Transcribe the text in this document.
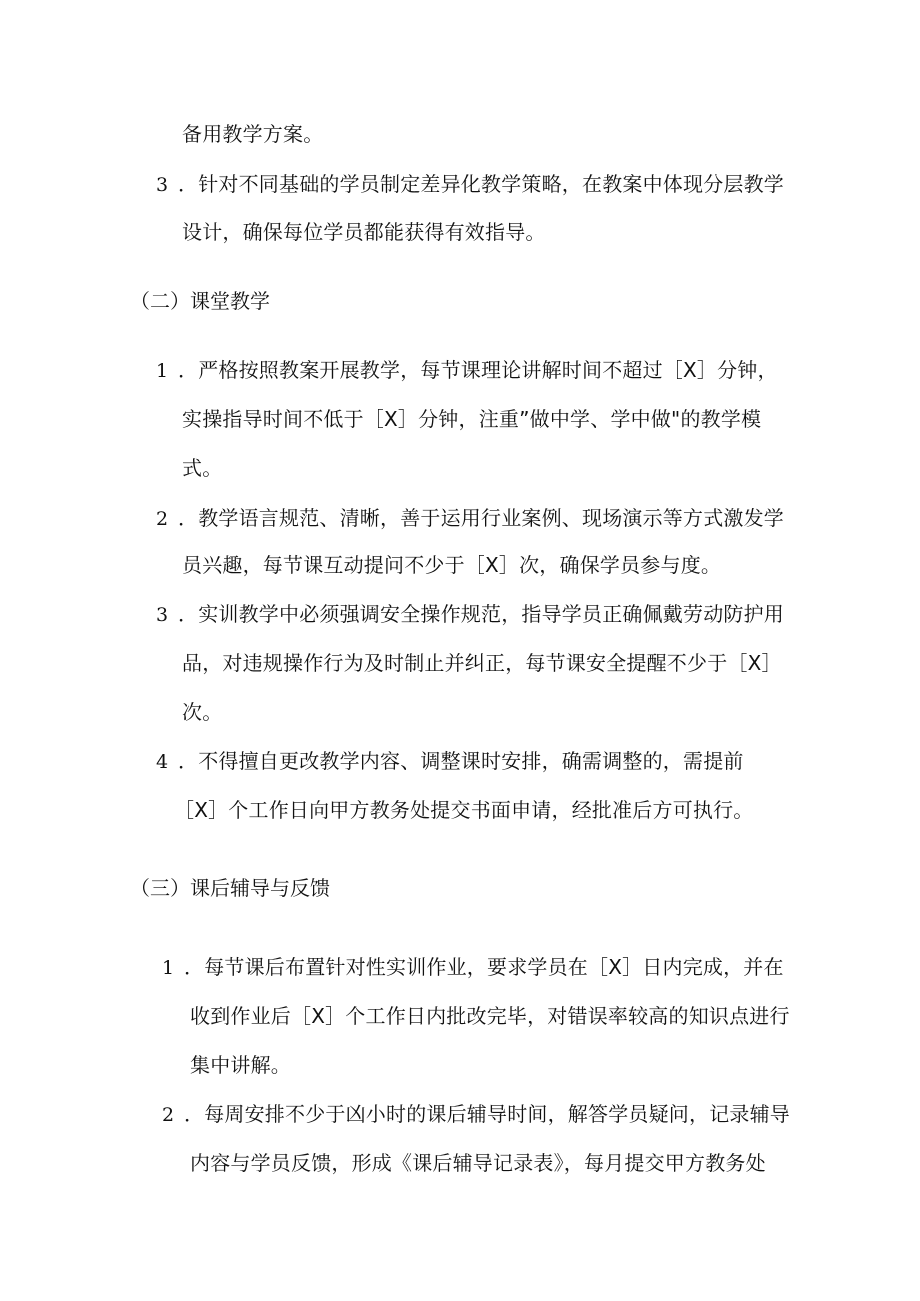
备用教学方案。
3 ．针对不同基础的学员制定差异化教学策略，在教案中体现分层教学
设计，确保每位学员都能获得有效指导。
（二）课堂教学
1 ．严格按照教案开展教学，每节课理论讲解时间不超过［X］分钟，
实操指导时间不低于［X］分钟，注重”做中学、学中做"的教学模
式。
2 ．教学语言规范、清晰，善于运用行业案例、现场演示等方式激发学
员兴趣，每节课互动提问不少于［X］次，确保学员参与度。
3 ．实训教学中必须强调安全操作规范，指导学员正确佩戴劳动防护用
品，对违规操作行为及时制止并纠正，每节课安全提醒不少于［X］
次。
4 ．不得擅自更改教学内容、调整课时安排，确需调整的，需提前
［X］个工作日向甲方教务处提交书面申请，经批准后方可执行。
（三）课后辅导与反馈
1 ．每节课后布置针对性实训作业，要求学员在［X］日内完成，并在
收到作业后［X］个工作日内批改完毕，对错误率较高的知识点进行
集中讲解。
2 ．每周安排不少于凶小时的课后辅导时间，解答学员疑问，记录辅导
内容与学员反馈，形成《课后辅导记录表》，每月提交甲方教务处
